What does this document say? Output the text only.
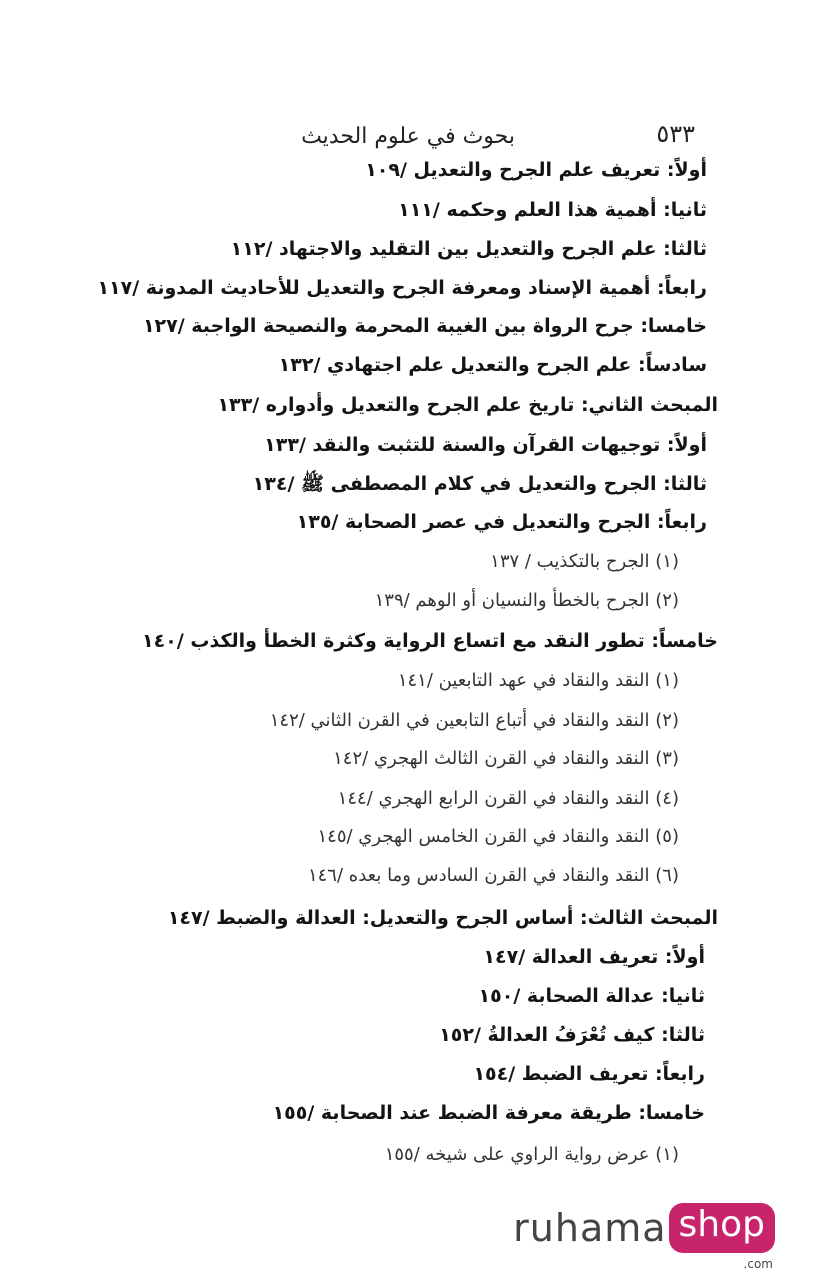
٥٣٣
بحوث في علوم الحديث
أولاً: تعريف علم الجرح والتعديل /١٠٩
ثانيا: أهمية هذا العلم وحكمه /١١١
ثالثا: علم الجرح والتعديل بين التقليد والاجتهاد /١١٢
رابعاً: أهمية الإسناد ومعرفة الجرح والتعديل للأحاديث المدونة /١١٧
خامسا: جرح الرواة بين الغيبة المحرمة والنصيحة الواجبة /١٢٧
سادساً: علم الجرح والتعديل علم اجتهادي /١٣٢
المبحث الثاني: تاريخ علم الجرح والتعديل وأدواره /١٣٣
أولاً: توجيهات القرآن والسنة للتثبت والنقد /١٣٣
ثالثا: الجرح والتعديل في كلام المصطفى ﷺ /١٣٤
رابعاً: الجرح والتعديل في عصر الصحابة /١٣٥
(١) الجرح بالتكذيب / ١٣٧
(٢) الجرح بالخطأ والنسيان أو الوهم /١٣٩
خامساً: تطور النقد مع اتساع الرواية وكثرة الخطأ والكذب /١٤٠
(١) النقد والنقاد في عهد التابعين /١٤١
(٢) النقد والنقاد في أتباع التابعين في القرن الثاني /١٤٢
(٣) النقد والنقاد في القرن الثالث الهجري /١٤٢
(٤) النقد والنقاد في القرن الرابع الهجري /١٤٤
(٥) النقد والنقاد في القرن الخامس الهجري /١٤٥
(٦) النقد والنقاد في القرن السادس وما بعده /١٤٦
المبحث الثالث: أساس الجرح والتعديل: العدالة والضبط /١٤٧
أولاً: تعريف العدالة /١٤٧
ثانيا: عدالة الصحابة /١٥٠
ثالثا: كيف تُعْرَفُ العدالةُ /١٥٢
رابعاً: تعريف الضبط /١٥٤
خامسا: طريقة معرفة الضبط عند الصحابة /١٥٥
(١) عرض رواية الراوي على شيخه /١٥٥
ruhama shop
.com
